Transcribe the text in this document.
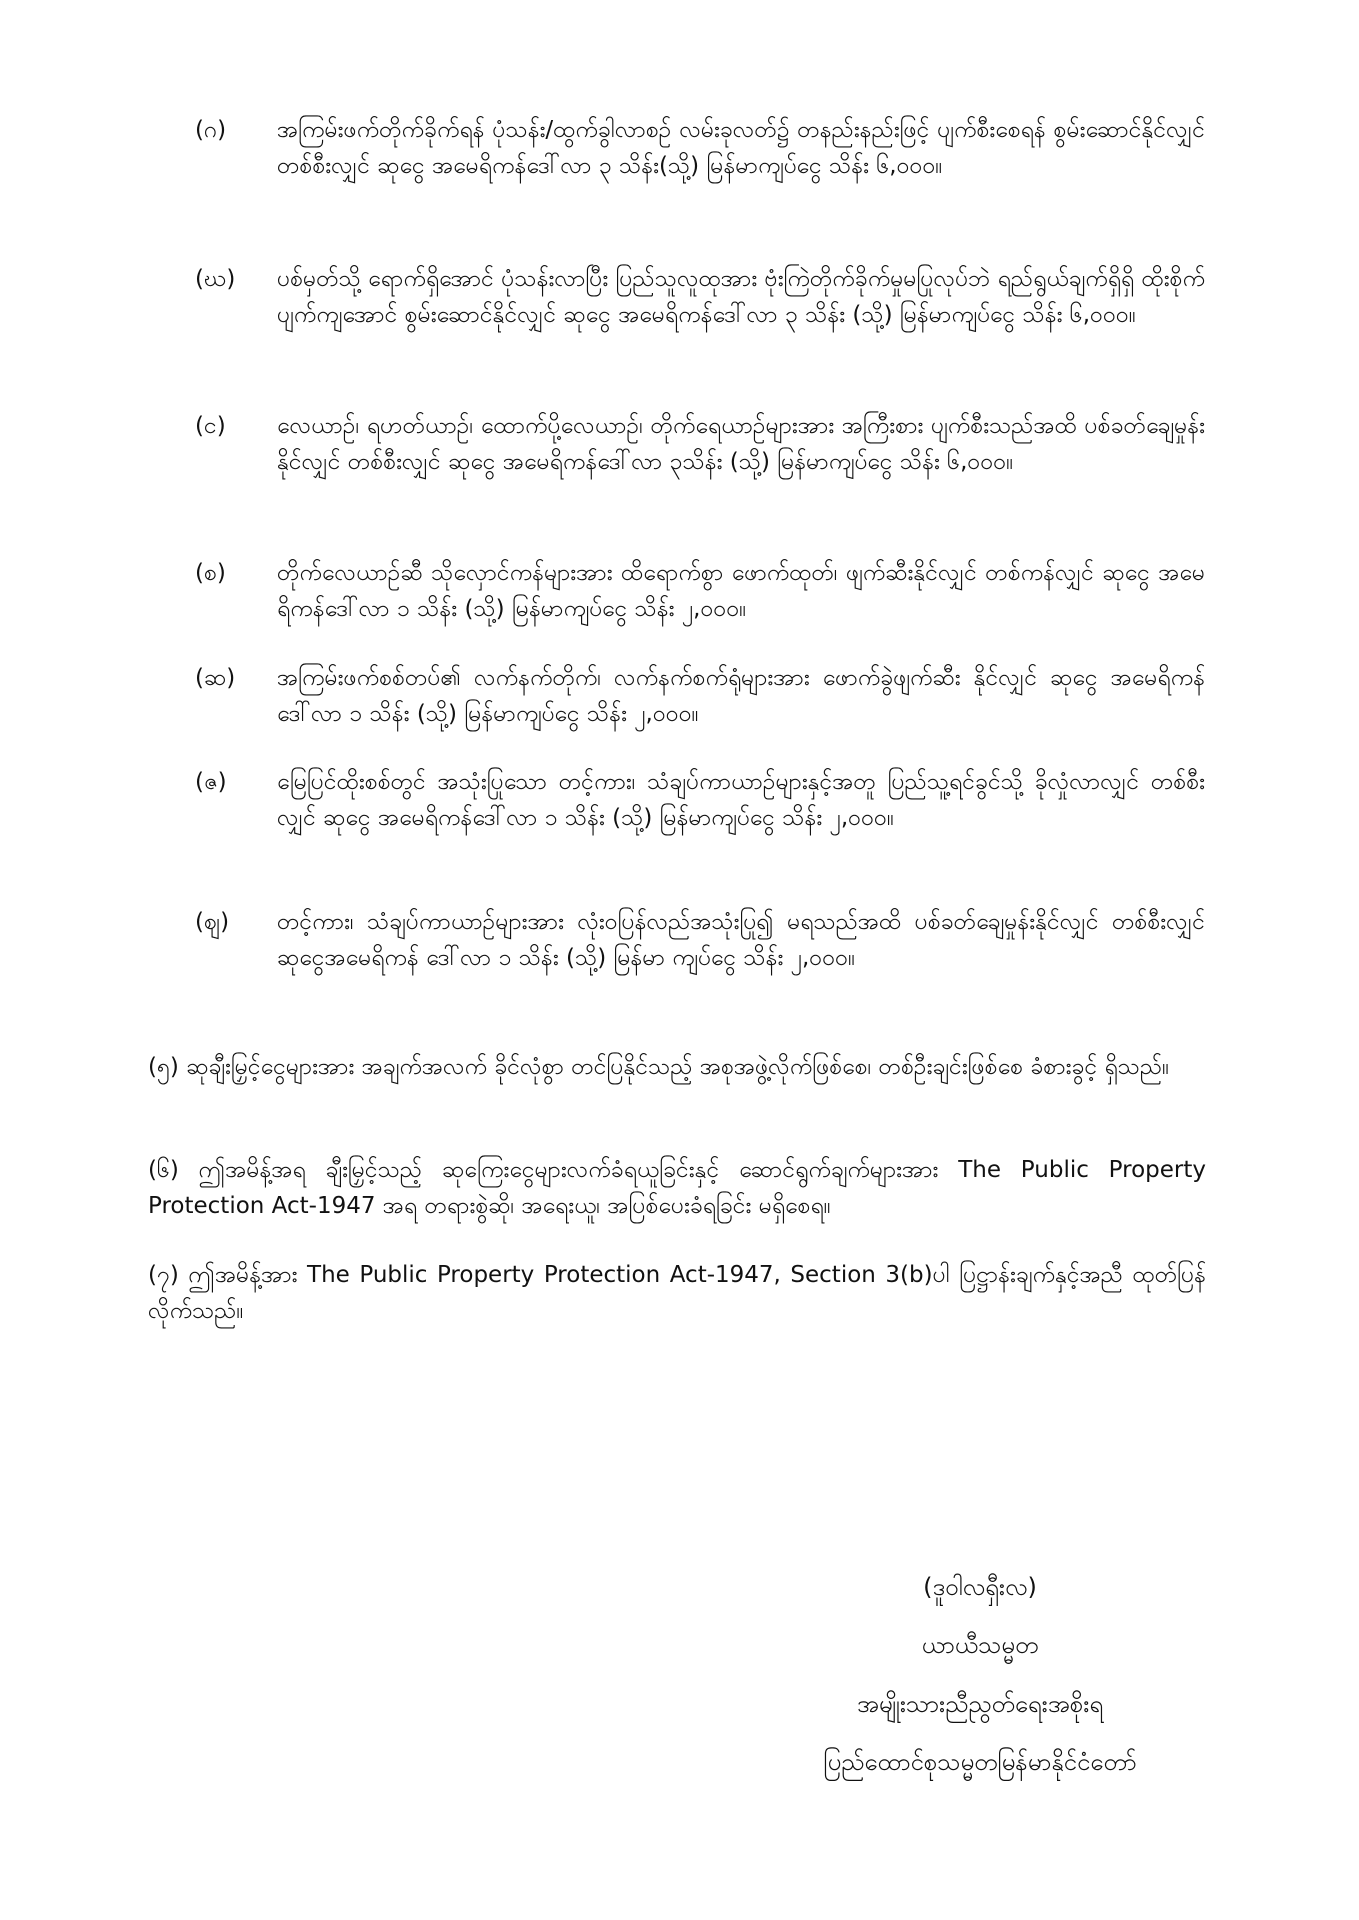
(ဂ)	အကြမ်းဖက်တိုက်ခိုက်ရန် ပုံသန်း/ထွက်ခွါလာစဉ် လမ်းခုလတ်၌ တနည်းနည်းဖြင့် ပျက်စီးစေရန် စွမ်းဆောင်နိုင်လျှင် တစ်စီးလျှင် ဆုငွေ အမေရိကန်ဒေါ်လာ ၃ သိန်း(သို့) မြန်မာကျပ်ငွေ သိန်း ၆,၀၀၀။
(ဃ)	ပစ်မှတ်သို့ ရောက်ရှိအောင် ပုံသန်းလာပြီး ပြည်သူလူထုအား ဗုံးကြဲတိုက်ခိုက်မှုမပြုလုပ်ဘဲ ရည်ရွယ်ချက်ရှိရှိ ထိုးစိုက်ပျက်ကျအောင် စွမ်းဆောင်နိုင်လျှင် ဆုငွေ အမေရိကန်ဒေါ်လာ ၃ သိန်း (သို့) မြန်မာကျပ်ငွေ သိန်း ၆,၀၀၀။
(င)	လေယာဉ်၊ ရဟတ်ယာဉ်၊ ထောက်ပို့လေယာဉ်၊ တိုက်ရေယာဉ်များအား အကြီးစား ပျက်စီးသည်အထိ ပစ်ခတ်ချေမှုန်းနိုင်လျှင် တစ်စီးလျှင် ဆုငွေ အမေရိကန်ဒေါ်လာ ၃သိန်း (သို့) မြန်မာကျပ်ငွေ သိန်း ၆,၀၀၀။
(စ)	တိုက်လေယာဉ်ဆီ သိုလှောင်ကန်များအား ထိရောက်စွာ ဖောက်ထုတ်၊ ဖျက်ဆီးနိုင်လျှင် တစ်ကန်လျှင် ဆုငွေ အမေရိကန်ဒေါ်လာ ၁ သိန်း (သို့) မြန်မာကျပ်ငွေ သိန်း ၂,၀၀၀။
(ဆ)	အကြမ်းဖက်စစ်တပ်၏ လက်နက်တိုက်၊ လက်နက်စက်ရုံများအား ဖောက်ခွဲဖျက်ဆီး နိုင်လျှင် ဆုငွေ အမေရိကန်ဒေါ်လာ ၁ သိန်း (သို့) မြန်မာကျပ်ငွေ သိန်း ၂,၀၀၀။
(ဇ)	မြေပြင်ထိုးစစ်တွင် အသုံးပြုသော တင့်ကား၊ သံချပ်ကာယာဉ်များနှင့်အတူ ပြည်သူ့ရင်ခွင်သို့ ခိုလှုံလာလျှင် တစ်စီးလျှင် ဆုငွေ အမေရိကန်ဒေါ်လာ ၁ သိန်း (သို့) မြန်မာကျပ်ငွေ သိန်း ၂,၀၀၀။
(ဈ)	တင့်ကား၊ သံချပ်ကာယာဉ်များအား လုံးဝပြန်လည်အသုံးပြု၍ မရသည်အထိ ပစ်ခတ်ချေမှုန်းနိုင်လျှင် တစ်စီးလျှင် ဆုငွေအမေရိကန် ဒေါ်လာ ၁ သိန်း (သို့) မြန်မာ ကျပ်ငွေ သိန်း ၂,၀၀၀။
(၅) ဆုချီးမြှင့်ငွေများအား အချက်အလက် ခိုင်လုံစွာ တင်ပြနိုင်သည့် အစုအဖွဲ့လိုက်ဖြစ်စေ၊ တစ်ဦးချင်းဖြစ်စေ ခံစားခွင့် ရှိသည်။
(၆) ဤအမိန့်အရ ချီးမြှင့်သည့် ဆုကြေးငွေများလက်ခံရယူခြင်းနှင့် ဆောင်ရွက်ချက်များအား The Public Property Protection Act-1947 အရ တရားစွဲဆို၊ အရေးယူ၊ အပြစ်ပေးခံရခြင်း မရှိစေရ။
(၇) ဤအမိန့်အား The Public Property Protection Act-1947, Section 3(b)ပါ ပြဋ္ဌာန်းချက်နှင့်အညီ ထုတ်ပြန်လိုက်သည်။
(ဒူဝါလရှီးလ)
ယာယီသမ္မတ
အမျိုးသားညီညွတ်ရေးအစိုးရ
ပြည်ထောင်စုသမ္မတမြန်မာနိုင်ငံတော်
